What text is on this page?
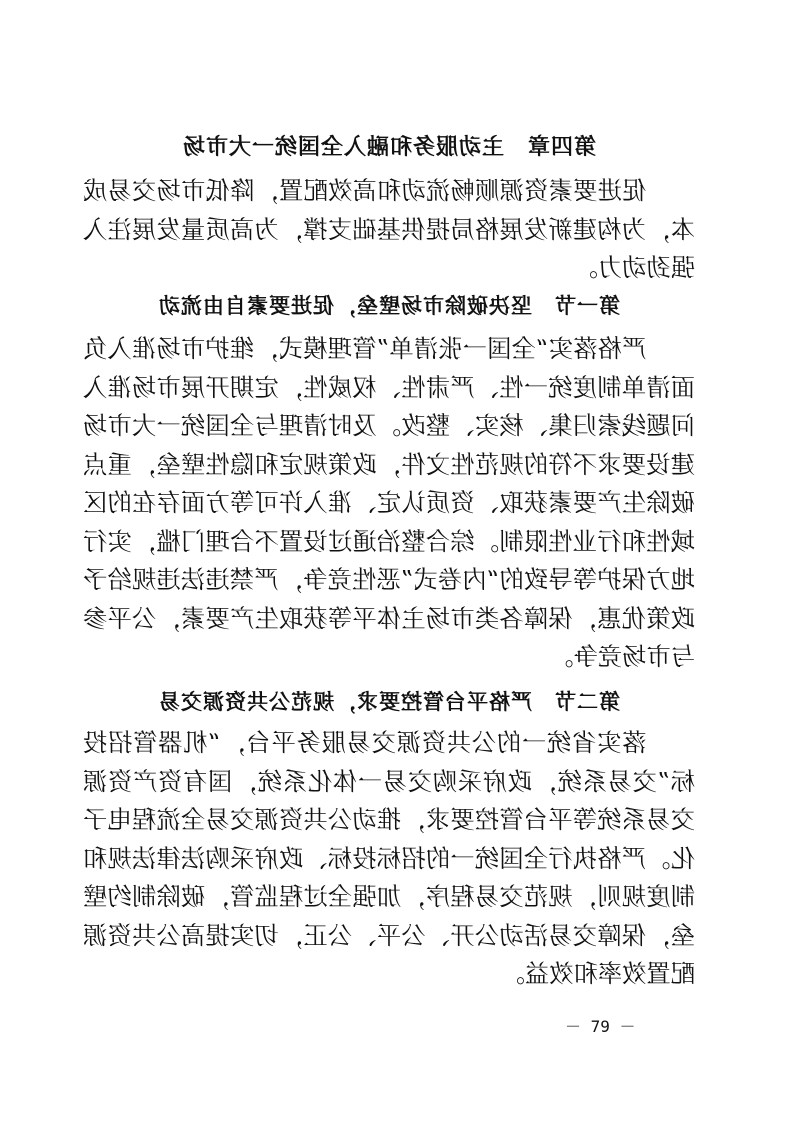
第四章　主动服务和融入全国统一大市场

促进要素资源顺畅流动和高效配置，降低市场交易成本，为构建新发展格局提供基础支撑，为高质量发展注入强劲动力。

第一节　坚决破除市场壁垒，促进要素自由流动

严格落实“全国一张清单”管理模式，维护市场准入负面清单制度统一性、严肃性、权威性，定期开展市场准入问题线索归集、核实、整改。及时清理与全国统一大市场建设要求不符的规范性文件，政策规定和隐性壁垒，重点破除生产要素获取、资质认定、准入许可等方面存在的区域性和行业性限制。综合整治通过设置不合理门槛，实行地方保护等导致的“内卷式”恶性竞争，严禁违法违规给予政策优惠，保障各类市场主体平等获取生产要素，公平参与市场竞争。

第二节　严格平台管控要求，规范公共资源交易

落实省统一的公共资源交易服务平台，“机器管招投标”交易系统，政府采购交易一体化系统，国有资产资源交易系统等平台管控要求，推动公共资源交易全流程电子化。严格执行全国统一的招标投标、政府采购法律法规和制度规则，规范交易程序，加强全过程监管，破除制约壁垒，保障交易活动公开、公平、公正，切实提高公共资源配置效率和效益。

－ 79 －
